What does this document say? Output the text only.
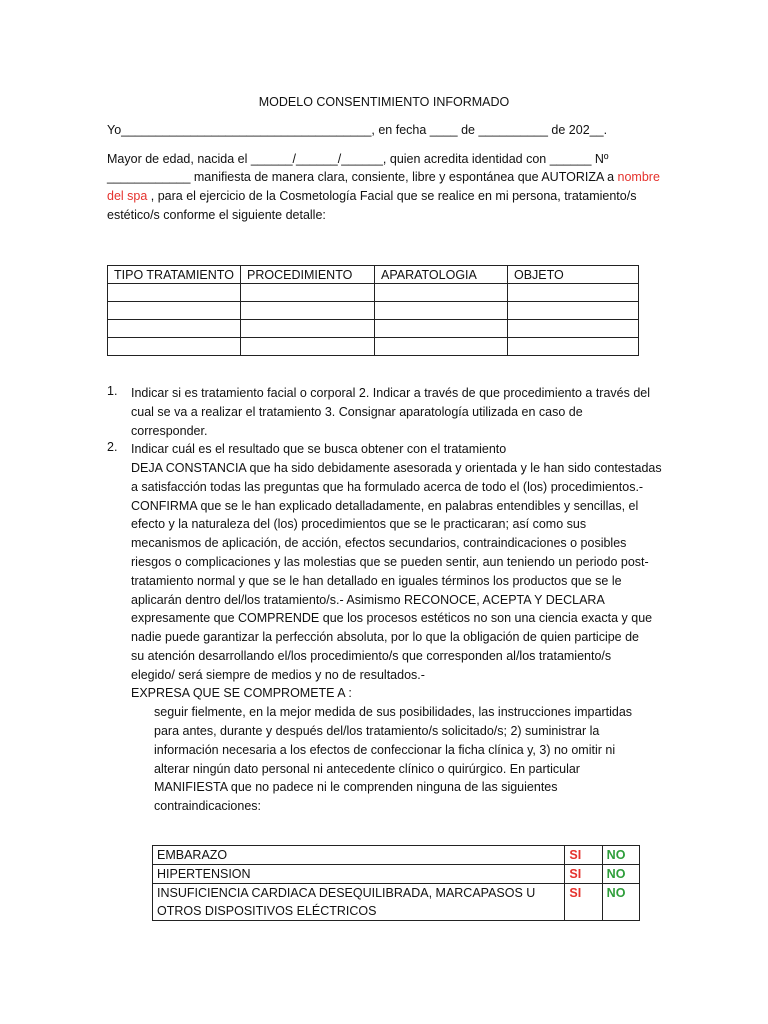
MODELO CONSENTIMIENTO INFORMADO
Yo____________________________________, en fecha ____ de __________ de 202__.
Mayor de edad, nacida el ______/______/______, quien acredita identidad con ______ Nº
____________ manifiesta de manera clara, consiente, libre y espontánea que AUTORIZA a nombre
del spa , para el ejercicio de la Cosmetología Facial que se realice en mi persona, tratamiento/s
estético/s conforme el siguiente detalle:
TIPO TRATAMIENTO	PROCEDIMIENTO	APARATOLOGIA	OBJETO

1. Indicar si es tratamiento facial o corporal 2. Indicar a través de que procedimiento a través del
cual se va a realizar el tratamiento 3. Consignar aparatología utilizada en caso de
corresponder.
2. Indicar cuál es el resultado que se busca obtener con el tratamiento
DEJA CONSTANCIA que ha sido debidamente asesorada y orientada y le han sido contestadas
a satisfacción todas las preguntas que ha formulado acerca de todo el (los) procedimientos.-
CONFIRMA que se le han explicado detalladamente, en palabras entendibles y sencillas, el
efecto y la naturaleza del (los) procedimientos que se le practicaran; así como sus
mecanismos de aplicación, de acción, efectos secundarios, contraindicaciones o posibles
riesgos o complicaciones y las molestias que se pueden sentir, aun teniendo un periodo post-
tratamiento normal y que se le han detallado en iguales términos los productos que se le
aplicarán dentro del/los tratamiento/s.- Asimismo RECONOCE, ACEPTA Y DECLARA
expresamente que COMPRENDE que los procesos estéticos no son una ciencia exacta y que
nadie puede garantizar la perfección absoluta, por lo que la obligación de quien participe de
su atención desarrollando el/los procedimiento/s que corresponden al/los tratamiento/s
elegido/ será siempre de medios y no de resultados.-
EXPRESA QUE SE COMPROMETE A :
seguir fielmente, en la mejor medida de sus posibilidades, las instrucciones impartidas
para antes, durante y después del/los tratamiento/s solicitado/s; 2) suministrar la
información necesaria a los efectos de confeccionar la ficha clínica y, 3) no omitir ni
alterar ningún dato personal ni antecedente clínico o quirúrgico. En particular
MANIFIESTA que no padece ni le comprenden ninguna de las siguientes
contraindicaciones:
EMBARAZO	SI	NO
HIPERTENSION	SI	NO
INSUFICIENCIA CARDIACA DESEQUILIBRADA, MARCAPASOS U OTROS DISPOSITIVOS ELÉCTRICOS	SI	NO
